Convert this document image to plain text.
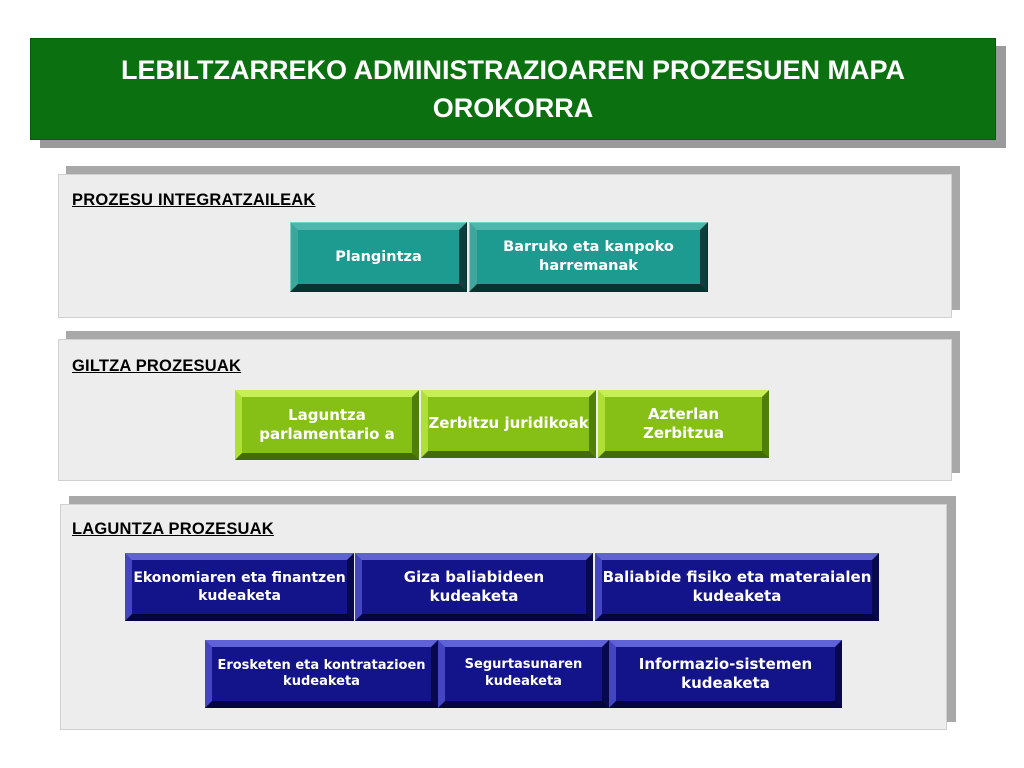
LEBILTZARREKO ADMINISTRAZIOAREN PROZESUEN MAPA OROKORRA
PROZESU INTEGRATZAILEAK
Plangintza
Barruko eta kanpoko harremanak
GILTZA PROZESUAK
Laguntza parlamentario a
Zerbitzu juridikoak
Azterlan Zerbitzua
LAGUNTZA PROZESUAK
Ekonomiaren eta finantzen kudeaketa
Giza baliabideen kudeaketa
Baliabide fisiko eta materaialen kudeaketa
Erosketen eta kontratazioen kudeaketa
Segurtasunaren kudeaketa
Informazio-sistemen kudeaketa
